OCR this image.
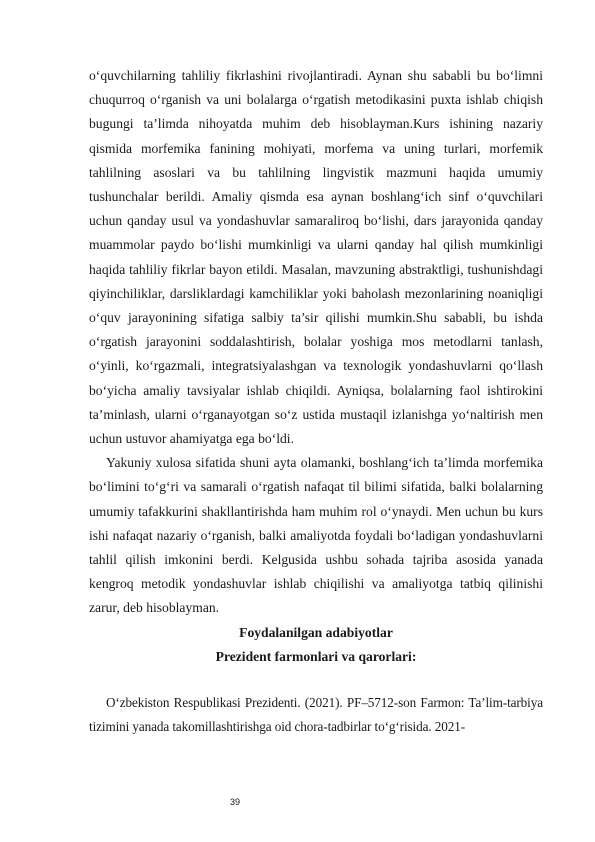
o‘quvchilarning tahliliy fikrlashini rivojlantiradi. Aynan shu sababli bu bo‘limni chuqurroq o‘rganish va uni bolalarga o‘rgatish metodikasini puxta ishlab chiqish bugungi ta’limda nihoyatda muhim deb hisoblayman.Kurs ishining nazariy qismida morfemika fanining mohiyati, morfema va uning turlari, morfemik tahlilning asoslari va bu tahlilning lingvistik mazmuni haqida umumiy tushunchalar berildi. Amaliy qismda esa aynan boshlang‘ich sinf o‘quvchilari uchun qanday usul va yondashuvlar samaraliroq bo‘lishi, dars jarayonida qanday muammolar paydo bo‘lishi mumkinligi va ularni qanday hal qilish mumkinligi haqida tahliliy fikrlar bayon etildi. Masalan, mavzuning abstraktligi, tushunishdagi qiyinchiliklar, darsliklardagi kamchiliklar yoki baholash mezonlarining noaniqligi o‘quv jarayonining sifatiga salbiy ta’sir qilishi mumkin.Shu sababli, bu ishda o‘rgatish jarayonini soddalashtirish, bolalar yoshiga mos metodlarni tanlash, o‘yinli, ko‘rgazmali, integratsiyalashgan va texnologik yondashuvlarni qo‘llash bo‘yicha amaliy tavsiyalar ishlab chiqildi. Ayniqsa, bolalarning faol ishtirokini ta’minlash, ularni o‘rganayotgan so‘z ustida mustaqil izlanishga yo‘naltirish men uchun ustuvor ahamiyatga ega bo‘ldi.

Yakuniy xulosa sifatida shuni ayta olamanki, boshlang‘ich ta’limda morfemika bo‘limini to‘g‘ri va samarali o‘rgatish nafaqat til bilimi sifatida, balki bolalarning umumiy tafakkurini shakllantirishda ham muhim rol o‘ynaydi. Men uchun bu kurs ishi nafaqat nazariy o‘rganish, balki amaliyotda foydali bo‘ladigan yondashuvlarni tahlil qilish imkonini berdi. Kelgusida ushbu sohada tajriba asosida yanada kengroq metodik yondashuvlar ishlab chiqilishi va amaliyotga tatbiq qilinishi zarur, deb hisoblayman.

Foydalanilgan adabiyotlar

Prezident farmonlari va qarorlari:

O‘zbekiston Respublikasi Prezidenti. (2021). PF–5712-son Farmon: Ta’lim-tarbiya tizimini yanada takomillashtirishga oid chora-tadbirlar to‘g‘risida. 2021-

39
